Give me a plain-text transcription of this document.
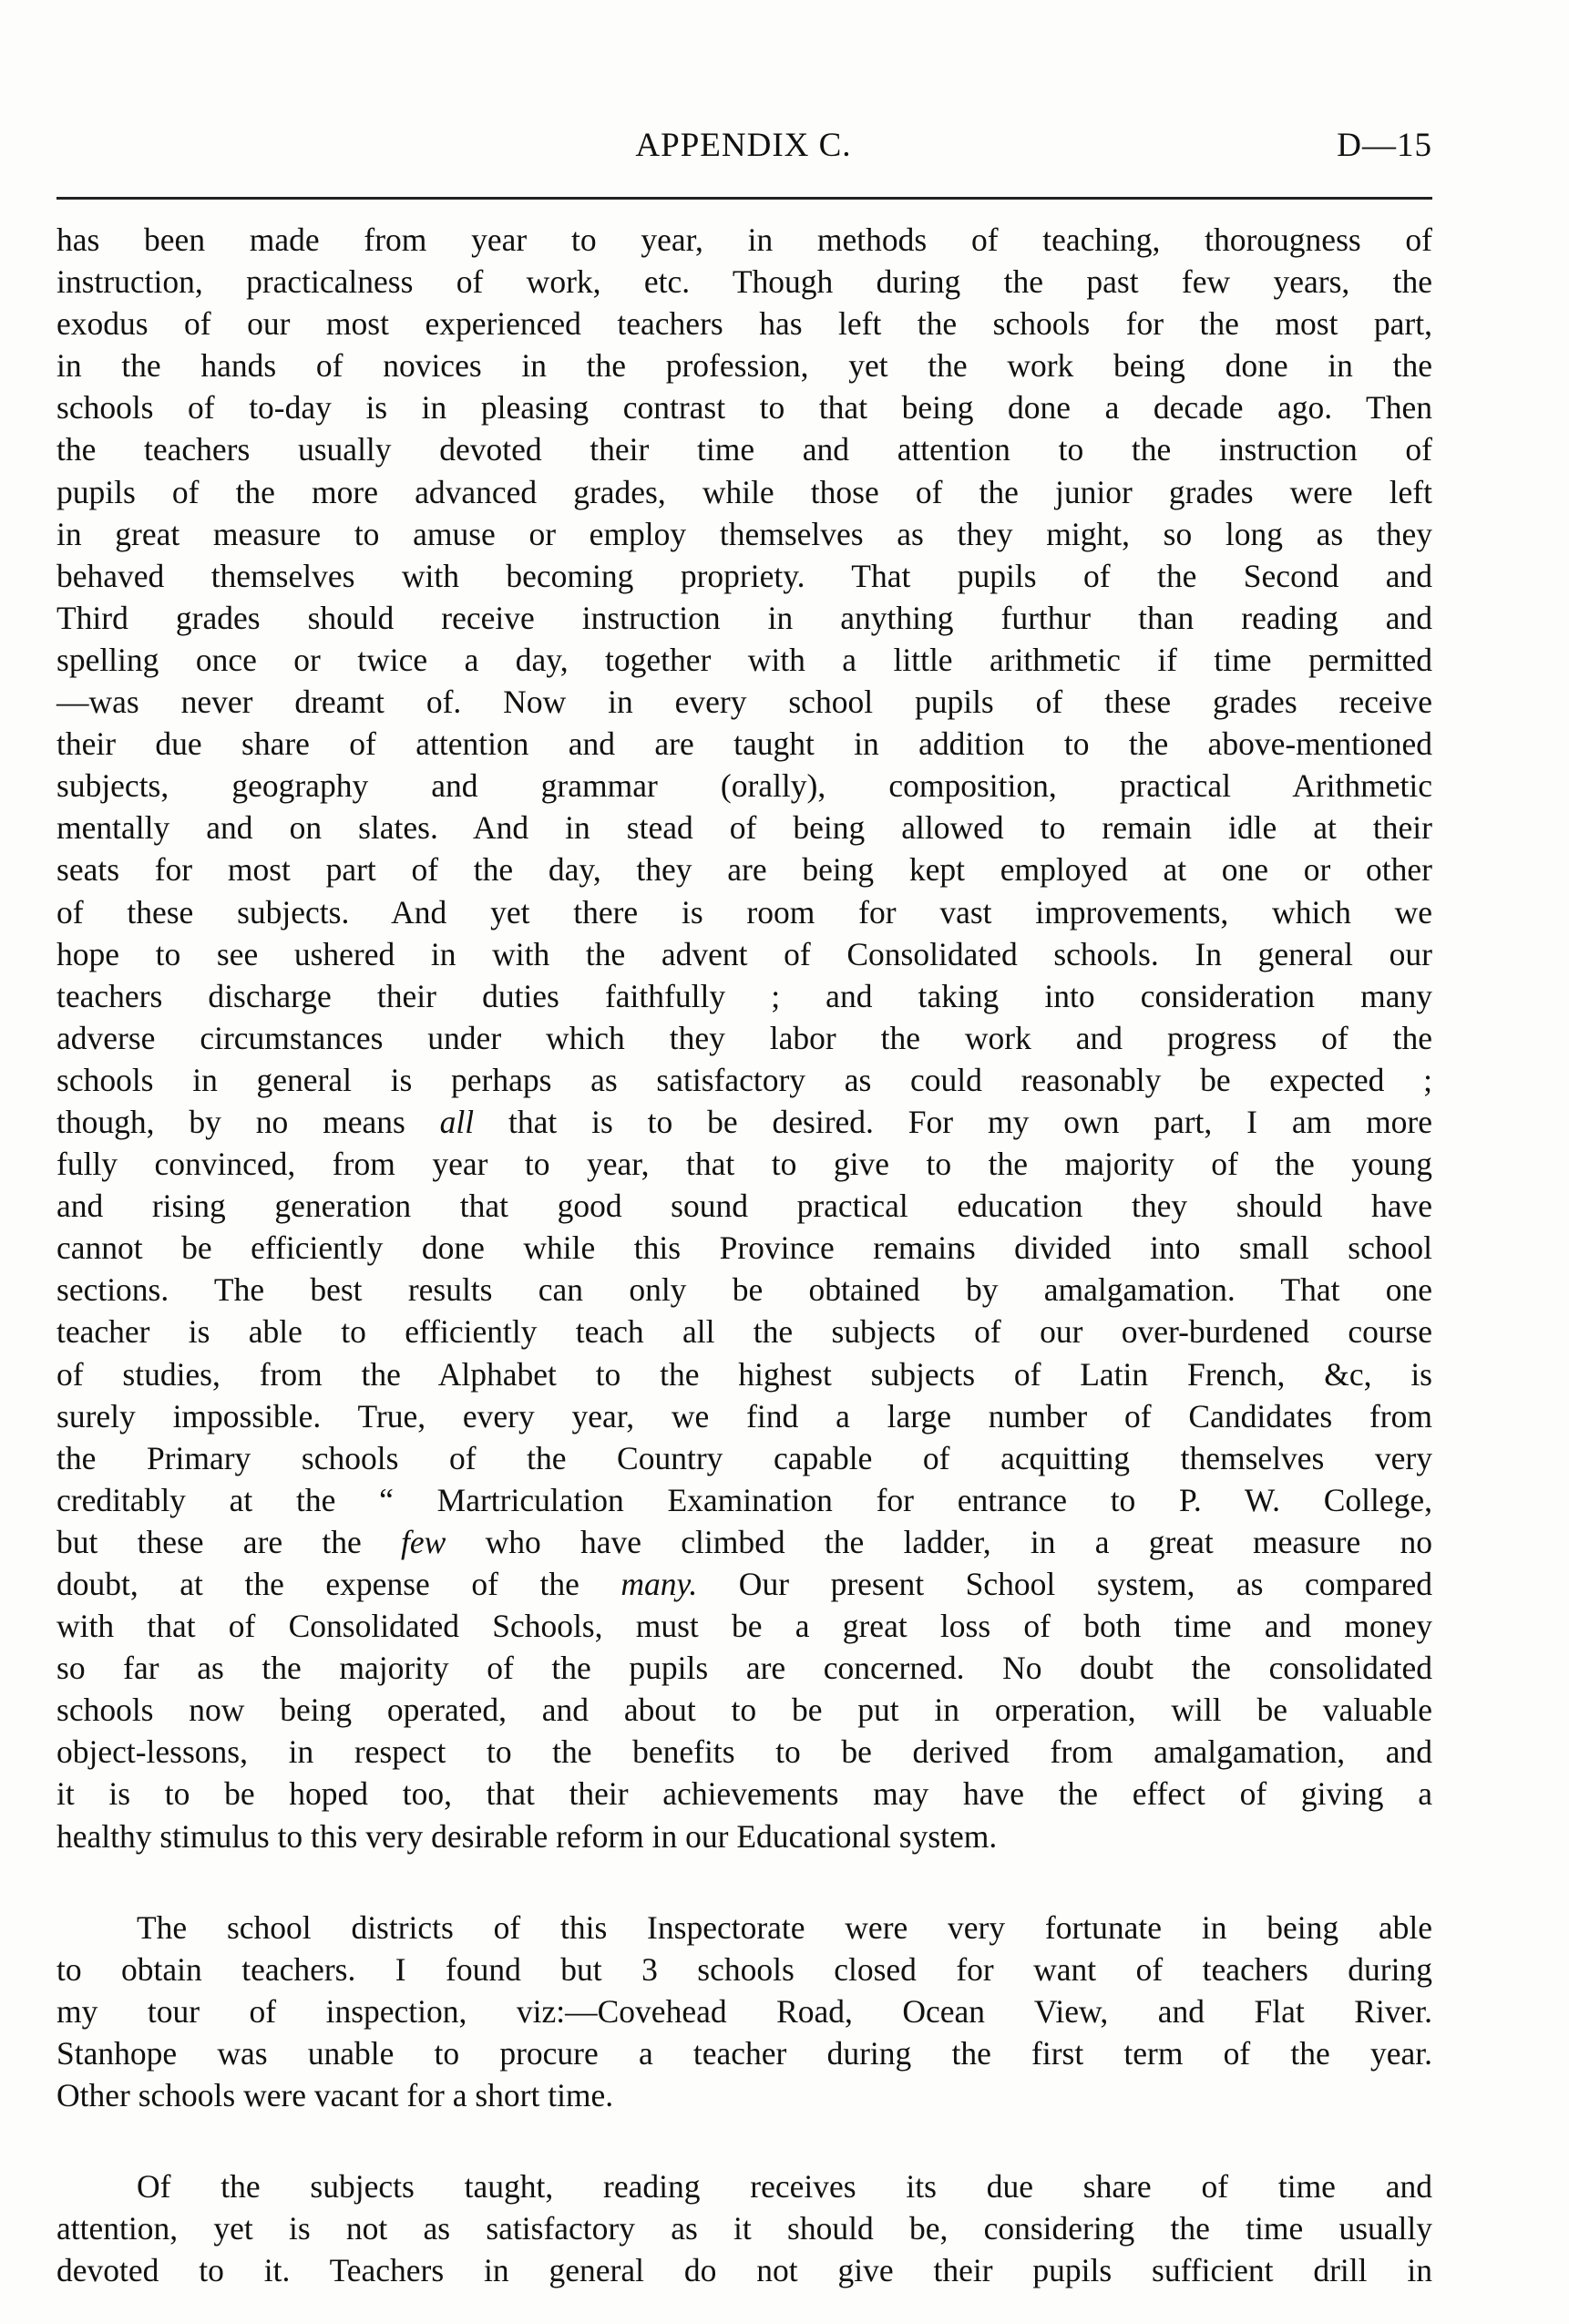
APPENDIX C.	D—15
has been made from year to year, in methods of teaching, thorougness of
instruction, practicalness of work, etc. Though during the past few years, the
exodus of our most experienced teachers has left the schools for the most part,
in the hands of novices in the profession, yet the work being done in the
schools of to-day is in pleasing contrast to that being done a decade ago. Then
the teachers usually devoted their time and attention to the instruction of
pupils of the more advanced grades, while those of the junior grades were left
in great measure to amuse or employ themselves as they might, so long as they
behaved themselves with becoming propriety. That pupils of the Second and
Third grades should receive instruction in anything furthur than reading and
spelling once or twice a day, together with a little arithmetic if time permitted
—was never dreamt of. Now in every school pupils of these grades receive
their due share of attention and are taught in addition to the above-mentioned
subjects, geography and grammar (orally), composition, practical Arithmetic
mentally and on slates. And in stead of being allowed to remain idle at their
seats for most part of the day, they are being kept employed at one or other
of these subjects. And yet there is room for vast improvements, which we
hope to see ushered in with the advent of Consolidated schools. In general our
teachers discharge their duties faithfully ; and taking into consideration many
adverse circumstances under which they labor the work and progress of the
schools in general is perhaps as satisfactory as could reasonably be expected ;
though, by no means all that is to be desired. For my own part, I am more
fully convinced, from year to year, that to give to the majority of the young
and rising generation that good sound practical education they should have
cannot be efficiently done while this Province remains divided into small school
sections. The best results can only be obtained by amalgamation. That one
teacher is able to efficiently teach all the subjects of our over-burdened course
of studies, from the Alphabet to the highest subjects of Latin French, &c, is
surely impossible. True, every year, we find a large number of Candidates from
the Primary schools of the Country capable of acquitting themselves very
creditably at the “ Martriculation Examination for entrance to P. W. College,
but these are the few who have climbed the ladder, in a great measure no
doubt, at the expense of the many. Our present School system, as compared
with that of Consolidated Schools, must be a great loss of both time and money
so far as the majority of the pupils are concerned. No doubt the consolidated
schools now being operated, and about to be put in orperation, will be valuable
object-lessons, in respect to the benefits to be derived from amalgamation, and
it is to be hoped too, that their achievements may have the effect of giving a
healthy stimulus to this very desirable reform in our Educational system.
The school districts of this Inspectorate were very fortunate in being able
to obtain teachers. I found but 3 schools closed for want of teachers during
my tour of inspection, viz:—Covehead Road, Ocean View, and Flat River.
Stanhope was unable to procure a teacher during the first term of the year.
Other schools were vacant for a short time.
Of the subjects taught, reading receives its due share of time and
attention, yet is not as satisfactory as it should be, considering the time usually
devoted to it. Teachers in general do not give their pupils sufficient drill in
